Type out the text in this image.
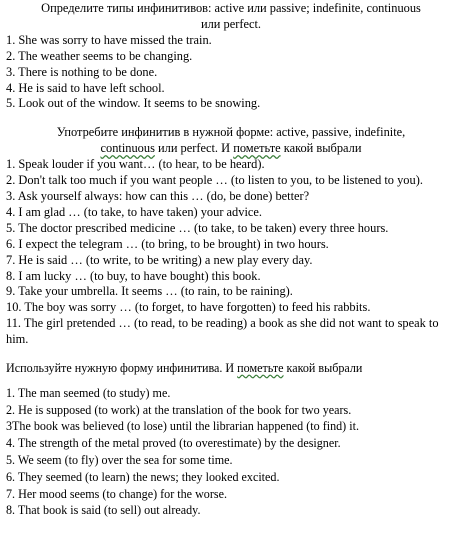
Определите типы инфинитивов: active или passive; indefinite, continuous
или perfect.
1. She was sorry to have missed the train.
2. The weather seems to be changing.
3. There is nothing to be done.
4. He is said to have left school.
5. Look out of the window. It seems to be snowing.
Употребите инфинитив в нужной форме: active, passive, indefinite,
continuous или perfect. И пометьте какой выбрали
1. Speak louder if you want… (to hear, to be heard).
2. Don't talk too much if you want people … (to listen to you, to be listened to you).
3. Ask yourself always: how can this … (do, be done) better?
4. I am glad … (to take, to have taken) your advice.
5. The doctor prescribed medicine … (to take, to be taken) every three hours.
6. I expect the telegram … (to bring, to be brought) in two hours.
7. He is said … (to write, to be writing) a new play every day.
8. I am lucky … (to buy, to have bought) this book.
9. Take your umbrella. It seems … (to rain, to be raining).
10. The boy was sorry … (to forget, to have forgotten) to feed his rabbits.
11. The girl pretended … (to read, to be reading) a book as she did not want to speak to him.
Используйте нужную форму инфинитива. И пометьте какой выбрали
1. The man seemed (to study) me.
2. He is supposed (to work) at the translation of the book for two years.
3The book was believed (to lose) until the librarian happened (to find) it.
4. The strength of the metal proved (to overestimate) by the designer.
5. We seem (to fly) over the sea for some time.
6. They seemed (to learn) the news; they looked excited.
7. Her mood seems (to change) for the worse.
8. That book is said (to sell) out already.
